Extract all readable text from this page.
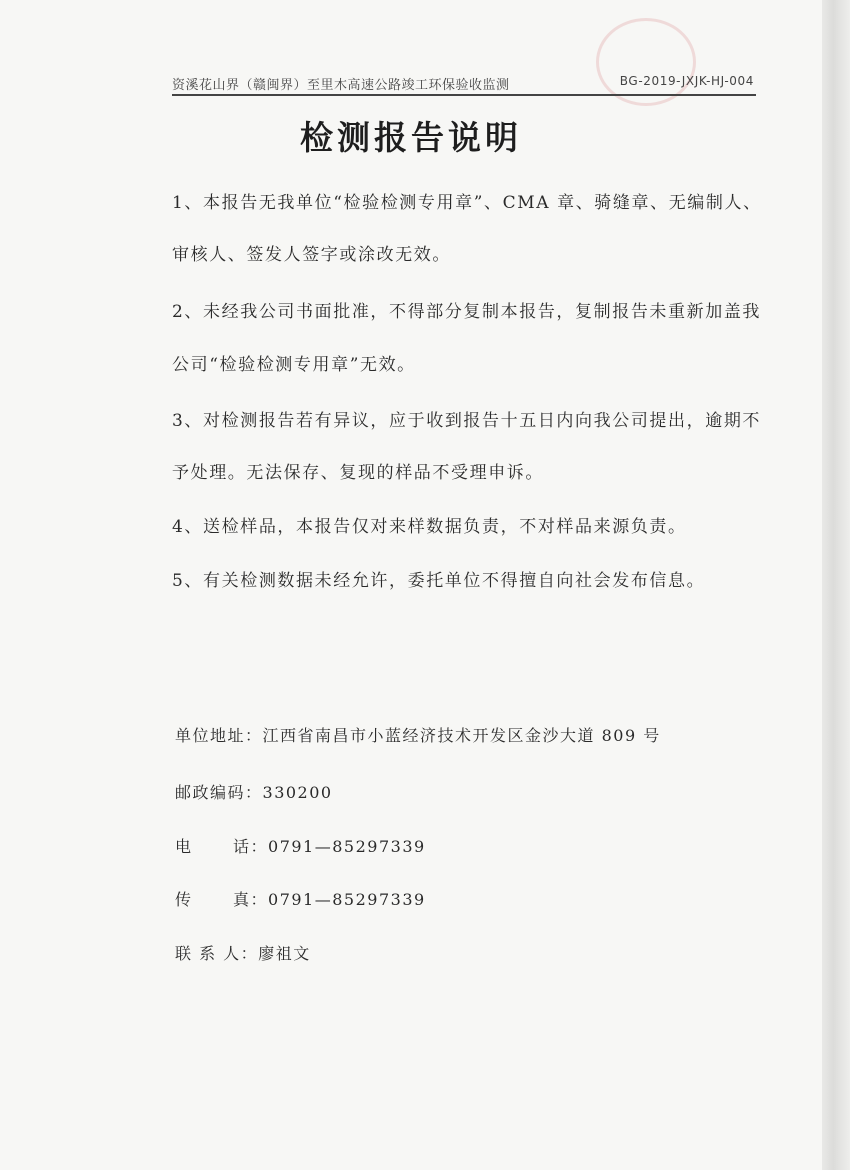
资溪花山界（赣闽界）至里木高速公路竣工环保验收监测	BG-2019-JXJK-HJ-004
检测报告说明
1、本报告无我单位“检验检测专用章”、CMA 章、骑缝章、无编制人、
审核人、签发人签字或涂改无效。
2、未经我公司书面批准，不得部分复制本报告，复制报告未重新加盖我
公司“检验检测专用章”无效。
3、对检测报告若有异议，应于收到报告十五日内向我公司提出，逾期不
予处理。无法保存、复现的样品不受理申诉。
4、送检样品，本报告仅对来样数据负责，不对样品来源负责。
5、有关检测数据未经允许，委托单位不得擅自向社会发布信息。
单位地址：江西省南昌市小蓝经济技术开发区金沙大道 809 号
邮政编码：330200
电	话：0791—85297339
传	真：0791—85297339
联 系 人：廖祖文
